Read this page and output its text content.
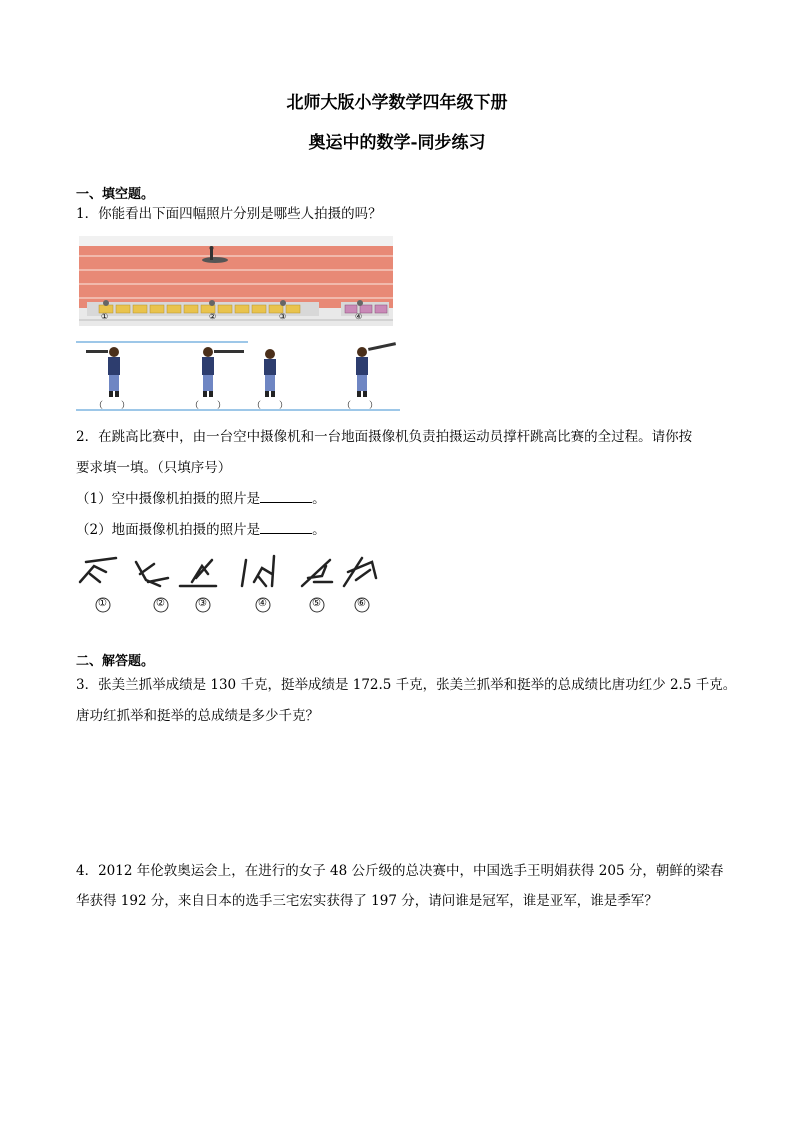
北师大版小学数学四年级下册
奥运中的数学-同步练习
一、填空题。
1．你能看出下面四幅照片分别是哪些人拍摄的吗？
①	②	③	④
（　　）	（　　）	（　　）	（　　）
2．在跳高比赛中，由一台空中摄像机和一台地面摄像机负责拍摄运动员撑杆跳高比赛的全过程。请你按
要求填一填。（只填序号）
（1）空中摄像机拍摄的照片是	。
（2）地面摄像机拍摄的照片是	。
①	②	③	④	⑤	⑥
二、解答题。
3．张美兰抓举成绩是 130 千克，挺举成绩是 172.5 千克，张美兰抓举和挺举的总成绩比唐功红少 2.5 千克。
唐功红抓举和挺举的总成绩是多少千克？
4．2012 年伦敦奥运会上，在进行的女子 48 公斤级的总决赛中，中国选手王明娟获得 205 分，朝鲜的梁春
华获得 192 分，来自日本的选手三宅宏实获得了 197 分，请问谁是冠军，谁是亚军，谁是季军？
